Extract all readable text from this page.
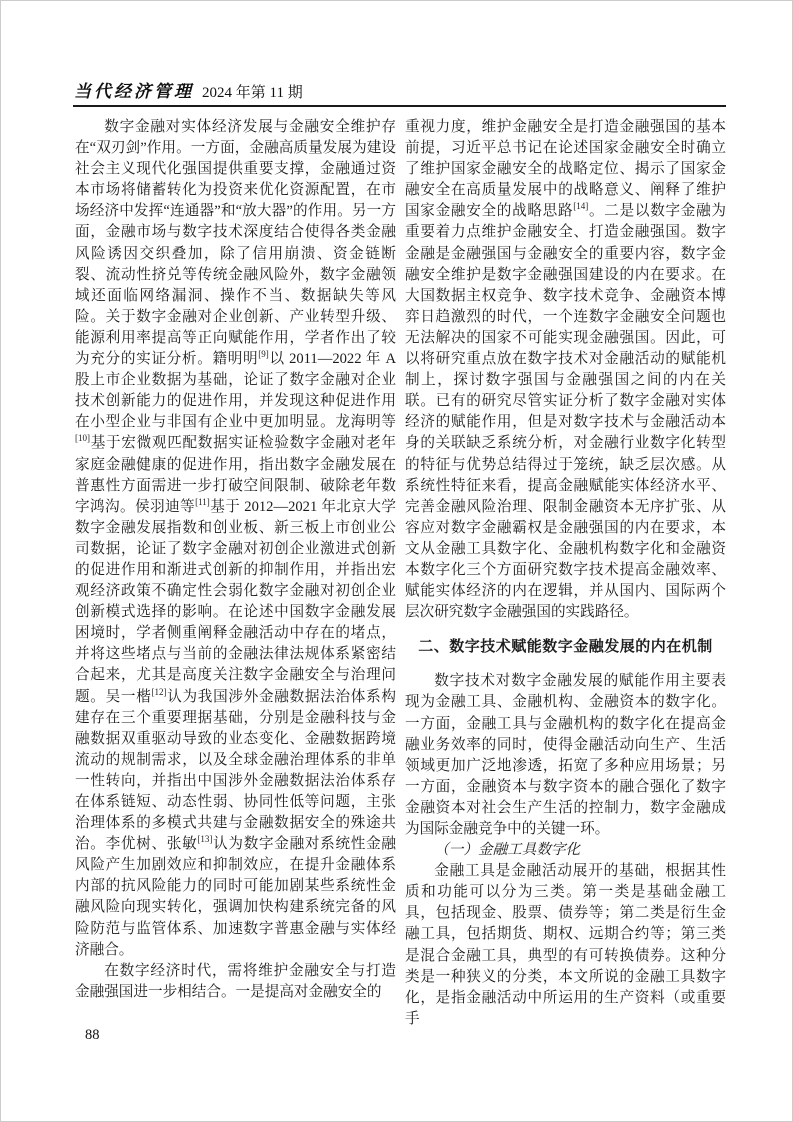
当代经济管理 2024 年第 11 期

数字金融对实体经济发展与金融安全维护存在“双刃剑”作用。一方面，金融高质量发展为建设社会主义现代化强国提供重要支撑，金融通过资本市场将储蓄转化为投资来优化资源配置，在市场经济中发挥“连通器”和“放大器”的作用。另一方面，金融市场与数字技术深度结合使得各类金融风险诱因交织叠加，除了信用崩溃、资金链断裂、流动性挤兑等传统金融风险外，数字金融领域还面临网络漏洞、操作不当、数据缺失等风险。关于数字金融对企业创新、产业转型升级、能源利用率提高等正向赋能作用，学者作出了较为充分的实证分析。籍明明[9]以 2011—2022 年 A 股上市企业数据为基础，论证了数字金融对企业技术创新能力的促进作用，并发现这种促进作用在小型企业与非国有企业中更加明显。龙海明等[10]基于宏微观匹配数据实证检验数字金融对老年家庭金融健康的促进作用，指出数字金融发展在普惠性方面需进一步打破空间限制、破除老年数字鸿沟。侯羽迪等[11]基于 2012—2021 年北京大学数字金融发展指数和创业板、新三板上市创业公司数据，论证了数字金融对初创企业激进式创新的促进作用和渐进式创新的抑制作用，并指出宏观经济政策不确定性会弱化数字金融对初创企业创新模式选择的影响。在论述中国数字金融发展困境时，学者侧重阐释金融活动中存在的堵点，并将这些堵点与当前的金融法律法规体系紧密结合起来，尤其是高度关注数字金融安全与治理问题。吴一楷[12]认为我国涉外金融数据法治体系构建存在三个重要理据基础，分别是金融科技与金融数据双重驱动导致的业态变化、金融数据跨境流动的规制需求，以及全球金融治理体系的非单一性转向，并指出中国涉外金融数据法治体系存在体系链短、动态性弱、协同性低等问题，主张治理体系的多模式共建与金融数据安全的殊途共治。李优树、张敏[13]认为数字金融对系统性金融风险产生加剧效应和抑制效应，在提升金融体系内部的抗风险能力的同时可能加剧某些系统性金融风险向现实转化，强调加快构建系统完备的风险防范与监管体系、加速数字普惠金融与实体经济融合。

在数字经济时代，需将维护金融安全与打造金融强国进一步相结合。一是提高对金融安全的

重视力度，维护金融安全是打造金融强国的基本前提，习近平总书记在论述国家金融安全时确立了维护国家金融安全的战略定位、揭示了国家金融安全在高质量发展中的战略意义、阐释了维护国家金融安全的战略思路[14]。二是以数字金融为重要着力点维护金融安全、打造金融强国。数字金融是金融强国与金融安全的重要内容，数字金融安全维护是数字金融强国建设的内在要求。在大国数据主权竞争、数字技术竞争、金融资本博弈日趋激烈的时代，一个连数字金融安全问题也无法解决的国家不可能实现金融强国。因此，可以将研究重点放在数字技术对金融活动的赋能机制上，探讨数字强国与金融强国之间的内在关联。已有的研究尽管实证分析了数字金融对实体经济的赋能作用，但是对数字技术与金融活动本身的关联缺乏系统分析，对金融行业数字化转型的特征与优势总结得过于笼统，缺乏层次感。从系统性特征来看，提高金融赋能实体经济水平、完善金融风险治理、限制金融资本无序扩张、从容应对数字金融霸权是金融强国的内在要求，本文从金融工具数字化、金融机构数字化和金融资本数字化三个方面研究数字技术提高金融效率、赋能实体经济的内在逻辑，并从国内、国际两个层次研究数字金融强国的实践路径。

二、数字技术赋能数字金融发展的内在机制

数字技术对数字金融发展的赋能作用主要表现为金融工具、金融机构、金融资本的数字化。一方面，金融工具与金融机构的数字化在提高金融业务效率的同时，使得金融活动向生产、生活领域更加广泛地渗透，拓宽了多种应用场景；另一方面，金融资本与数字资本的融合强化了数字金融资本对社会生产生活的控制力，数字金融成为国际金融竞争中的关键一环。

（一）金融工具数字化

金融工具是金融活动展开的基础，根据其性质和功能可以分为三类。第一类是基础金融工具，包括现金、股票、债券等；第二类是衍生金融工具，包括期货、期权、远期合约等；第三类是混合金融工具，典型的有可转换债券。这种分类是一种狭义的分类，本文所说的金融工具数字化，是指金融活动中所运用的生产资料（或重要手

88
